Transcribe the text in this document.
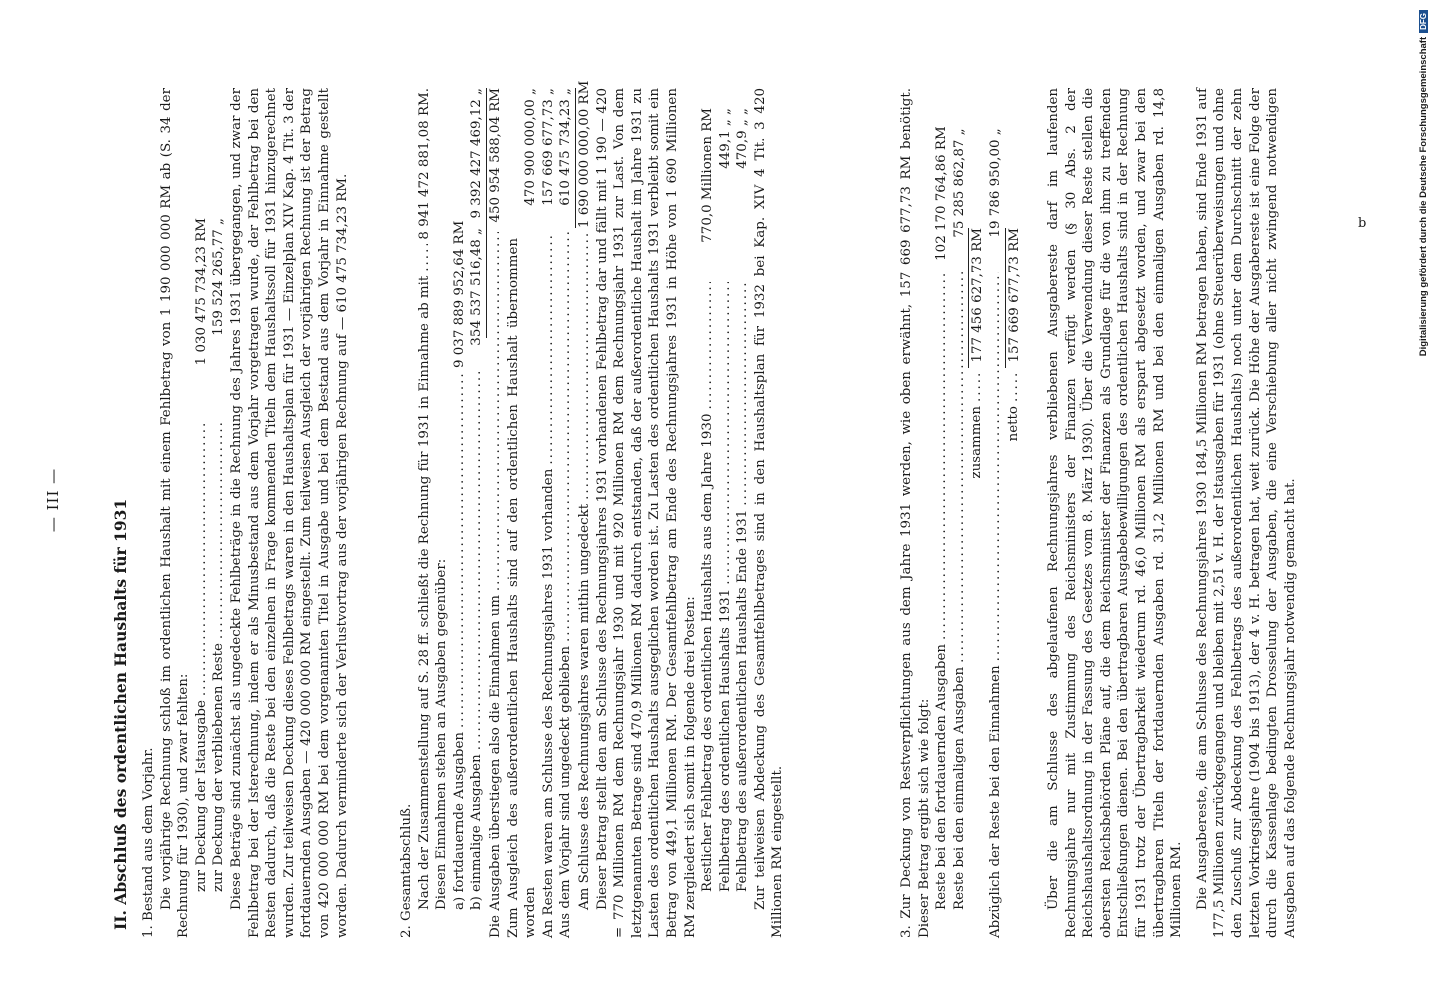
— III —	II. Abschluß des ordentlichen Haushalts für 1931 1. Bestand aus dem Vorjahr. Die vorjährige Rechnung schloß im ordentlichen Haushalt mit einem Fehlbetrag von 1 190 000 000 RM ab (S. 34 der Rechnung für 1930), und zwar fehlten: zur Deckung der Istausgabe
.....
1 030 475 734,23 RM
zur Deckung der verbliebenen Reste
.....
159 524 265,77 „ Diese Beträge sind zunächst als ungedeckte Fehlbeträge in die Rechnung des Jahres 1931 übergegangen, und zwar der Fehlbetrag bei der Isterechnung, indem er als Minusbestand aus dem Vorjahr vorgetragen wurde, der Fehlbetrag bei den Resten dadurch, daß die Reste bei den einzelnen in Frage kommenden Titeln dem Haushaltssoll für 1931 hinzugerechnet wurden. Zur teilweisen Deckung dieses Fehlbetrags waren in den Haushaltsplan für 1931 — Einzelplan XIV Kap. 4 Tit. 3 der fortdauernden Ausgaben — 420 000 000 RM eingestellt. Zum teilweisen Ausgleich der vorjährigen Rechnung ist der Betrag von 420 000 000 RM bei dem vorgenannten Titel in Ausgabe und bei dem Bestand aus dem Vorjahr in Einnahme gestellt worden. Dadurch verminderte sich der Verlustvortrag aus der vorjährigen Rechnung auf — 610 475 734,23 RM.	2. Gesamtabschluß. Nach der Zusammenstellung auf S. 28 ff. schließt die Rechnung für 1931 in Einnahme ab mit
.....
8 941 472 881,08 RM.

Diesen Einnahmen stehen an Ausgaben gegenüber: a) fortdauernde Ausgaben
.....
9 037 889 952,64 RM
b) einmalige Ausgaben
.....
354 537 516,48 „
9 392 427 469,12 „
Die Ausgaben überstiegen also die Einnahmen um
.....
450 954 588,04 RM

Zum Ausgleich des außerordentlichen Haushalts sind auf den ordentlichen Haushalt übernommen worden

470 900 000,00 „
An Resten waren am Schlusse des Rechnungsjahres 1931 vorhanden
.....
157 669 677,73 „
Aus dem Vorjahr sind ungedeckt geblieben
.....
610 475 734,23 „
Am Schlusse des Rechnungsjahres waren mithin ungedeckt
.....
1 690 000 000,00 RM Dieser Betrag stellt den am Schlusse des Rechnungsjahres 1931 vorhandenen Fehlbetrag dar und fällt mit 1 190 — 420 = 770 Millionen RM dem Rechnungsjahr 1930 und mit 920 Millionen RM dem Rechnungsjahr 1931 zur Last. Von dem letztgenannten Betrage sind 470,9 Millionen RM dadurch entstanden, daß der außerordentliche Haushalt im Jahre 1931 zu Lasten des ordentlichen Haushalts ausgeglichen worden ist. Zu Lasten des ordentlichen Haushalts 1931 verbleibt somit ein Betrag von 449,1 Millionen RM. Der Gesamtfehlbetrag am Ende des Rechnungsjahres 1931 in Höhe von 1 690 Millionen RM zergliedert sich somit in folgende drei Posten: Restlicher Fehlbetrag des ordentlichen Haushalts aus dem Jahre 1930
.....
770,0 Millionen RM
Fehlbetrag des ordentlichen Haushalts 1931
.....
449,1 „ „
Fehlbetrag des außerordentlichen Haushalts Ende 1931
.....
470,9 „ „ Zur teilweisen Abdeckung des Gesamtfehlbetrages sind in den Haushaltsplan für 1932 bei Kap. XIV 4 Tit. 3 420 Millionen RM eingestellt.	3. Zur Deckung von Restverpflichtungen aus dem Jahre 1931 werden, wie oben erwähnt, 157 669 677,73 RM benötigt. Dieser Betrag ergibt sich wie folgt: Reste bei den fortdauernden Ausgaben
.....
102 170 764,86 RM
Reste bei den einmaligen Ausgaben
.....
75 285 862,87 „
zusammen
.....
177 456 627,73 RM
Abzüglich der Reste bei den Einnahmen
.....
19 786 950,00 „
netto
.....
157 669 677,73 RM Über die am Schlusse des abgelaufenen Rechnungsjahres verbliebenen Ausgabereste darf im laufenden Rechnungsjahre nur mit Zustimmung des Reichsministers der Finanzen verfügt werden (§ 30 Abs. 2 der Reichshaushaltsordnung in der Fassung des Gesetzes vom 8. März 1930). Über die Verwendung dieser Reste stellen die obersten Reichsbehörden Pläne auf, die dem Reichsminister der Finanzen als Grundlage für die von ihm zu treffenden Entschließungen dienen. Bei den übertragbaren Ausgabebewilligungen des ordentlichen Haushalts sind in der Rechnung für 1931 trotz der Übertragbarkeit wiederum rd. 46,0 Millionen RM als erspart abgesetzt worden, und zwar bei den übertragbaren Titeln der fortdauernden Ausgaben rd. 31,2 Millionen RM und bei den einmaligen Ausgaben rd. 14,8 Millionen RM. Die Ausgabereste, die am Schlusse des Rechnungsjahres 1930 184,5 Millionen RM betragen haben, sind Ende 1931 auf 177,5 Millionen zurückgegangen und bleiben mit 2,51 v. H. der Istausgaben für 1931 (ohne Steuerüberweisungen und ohne den Zuschuß zur Abdeckung des Fehlbetrags des außerordentlichen Haushalts) noch unter dem Durchschnitt der zehn letzten Vorkriegsjahre (1904 bis 1913), der 4 v. H. betragen hat, weit zurück. Die Höhe der Ausgabereste ist eine Folge der durch die Kassenlage bedingten Drosselung der Ausgaben, die eine Verschiebung aller nicht zwingend notwendigen Ausgaben auf das folgende Rechnungsjahr notwendig gemacht hat.

b	Digitalisierung gefördert durch die Deutsche ForschungsgemeinschaftDFG
